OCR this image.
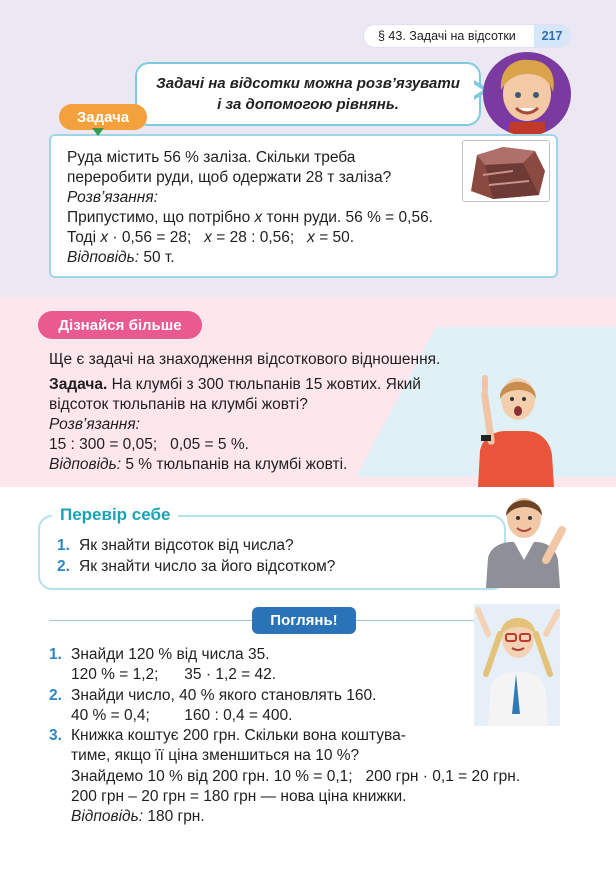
§ 43. Задачі на відсотки	217
Задачі на відсотки можна розв’язувати
і за допомогою рівнянь.
Задача
Руда містить 56 % заліза. Скільки треба
переробити руди, щоб одержати 28 т заліза?
Розв’язання:
Припустимо, що потрібно x тонн руди. 56 % = 0,56.
Тоді x · 0,56 = 28;   x = 28 : 0,56;   x = 50.
Відповідь: 50 т.
Дізнайся більше
Ще є задачі на знаходження відсоткового відношення.
Задача. На клумбі з 300 тюльпанів 15 жовтих. Який
відсоток тюльпанів на клумбі жовті?
Розв’язання:
15 : 300 = 0,05;   0,05 = 5 %.
Відповідь: 5 % тюльпанів на клумбі жовті.
Перевір себе
1. Як знайти відсоток від числа?
2. Як знайти число за його відсотком?
Поглянь!
1. Знайди 120 % від числа 35.
120 % = 1,2;      35 · 1,2 = 42.
2. Знайди число, 40 % якого становлять 160.
40 % = 0,4;        160 : 0,4 = 400.
3. Книжка коштує 200 грн. Скільки вона коштува-
тиме, якщо її ціна зменшиться на 10 %?
Знайдемо 10 % від 200 грн. 10 % = 0,1;   200 грн · 0,1 = 20 грн.
200 грн – 20 грн = 180 грн — нова ціна книжки.
Відповідь: 180 грн.
